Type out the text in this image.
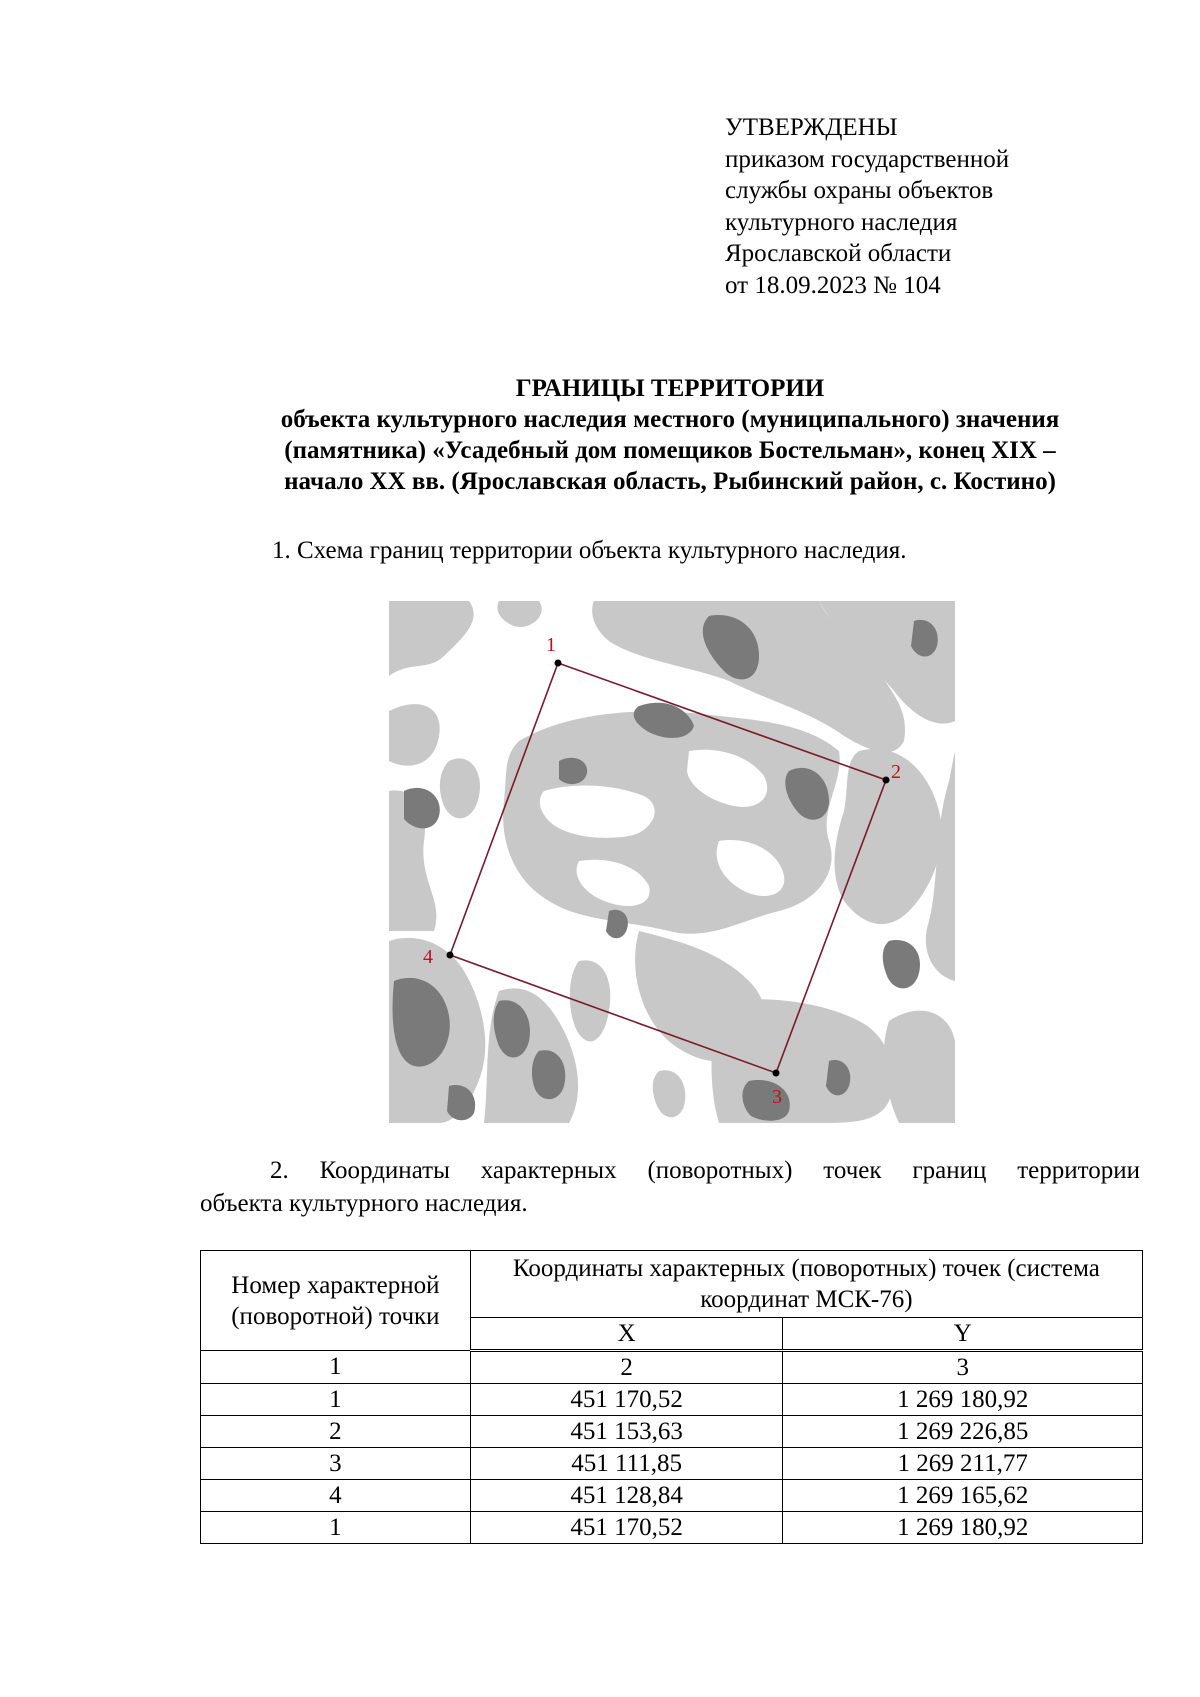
УТВЕРЖДЕНЫ
приказом государственной
службы охраны объектов
культурного наследия
Ярославской области
от 18.09.2023 № 104
ГРАНИЦЫ ТЕРРИТОРИИ
объекта культурного наследия местного (муниципального) значения
(памятника) «Усадебный дом помещиков Бостельман», конец XIX –
начало XX вв. (Ярославская область, Рыбинский район, с. Костино)
1. Схема границ территории объекта культурного наследия.
1
2
3
4
2. Координаты характерных (поворотных) точек границ территории
объекта культурного наследия.
Номер характерной (поворотной) точки	Координаты характерных (поворотных) точек (система координат МСК-76)	
	X	Y
1	2	3
1	451 170,52	1 269 180,92
2	451 153,63	1 269 226,85
3	451 111,85	1 269 211,77
4	451 128,84	1 269 165,62
1	451 170,52	1 269 180,92
